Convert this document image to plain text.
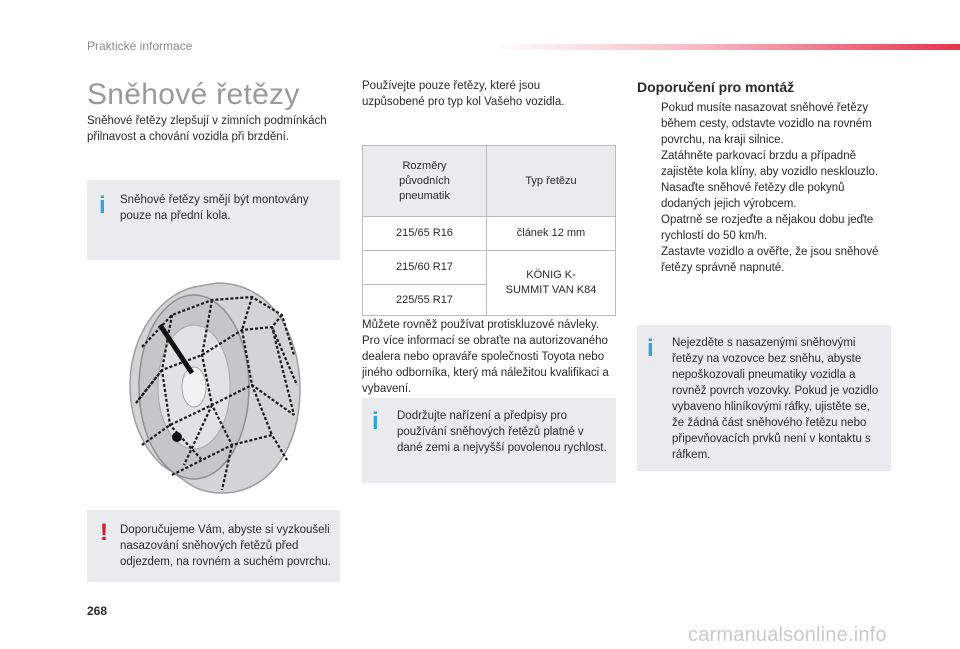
Praktické informace
Sněhové řetězy

Sněhové řetězy zlepšují v zimních podmínkách přilnavost a chování vozidla při brzdění.

i Sněhové řetězy smějí být montovány pouze na přední kola.
! Doporučujeme Vám, abyste si vyzkoušeli nasazování sněhových řetězů před odjezdem, na rovném a suchém povrchu.

Používejte pouze řetězy, které jsou uzpůsobené pro typ kol Vašeho vozidla.

Rozměry původních pneumatik	Typ řetězu
215/65 R16	článek 12 mm
215/60 R17	KÖNIG K-SUMMIT VAN K84
225/55 R17	

Můžete rovněž používat protiskluzové návleky. Pro více informací se obraťte na autorizovaného dealera nebo opraváře společnosti Toyota nebo jiného odborníka, který má náležitou kvalifikaci a vybavení.

i Dodržujte nařízení a předpisy pro používání sněhových řetězů platné v dané zemi a nejvyšší povolenou rychlost.
Doporučení pro montáž
Pokud musíte nasazovat sněhové řetězy během cesty, odstavte vozidlo na rovném povrchu, na kraji silnice.
Zatáhněte parkovací brzdu a případně zajistěte kola klíny, aby vozidlo nesklouzlo.
Nasaďte sněhové řetězy dle pokynů dodaných jejich výrobcem.
Opatrně se rozjeďte a nějakou dobu jeďte rychlostí do 50 km/h.
Zastavte vozidlo a ověřte, že jsou sněhové řetězy správně napnuté.
i Nejezděte s nasazenými sněhovými řetězy na vozovce bez sněhu, abyste nepoškozovali pneumatiky vozidla a rovněž povrch vozovky. Pokud je vozidlo vybaveno hliníkovými ráfky, ujistěte se, že žádná část sněhového řetězu nebo připevňovacích prvků není v kontaktu s ráfkem.
268
carmanualsonline.info
